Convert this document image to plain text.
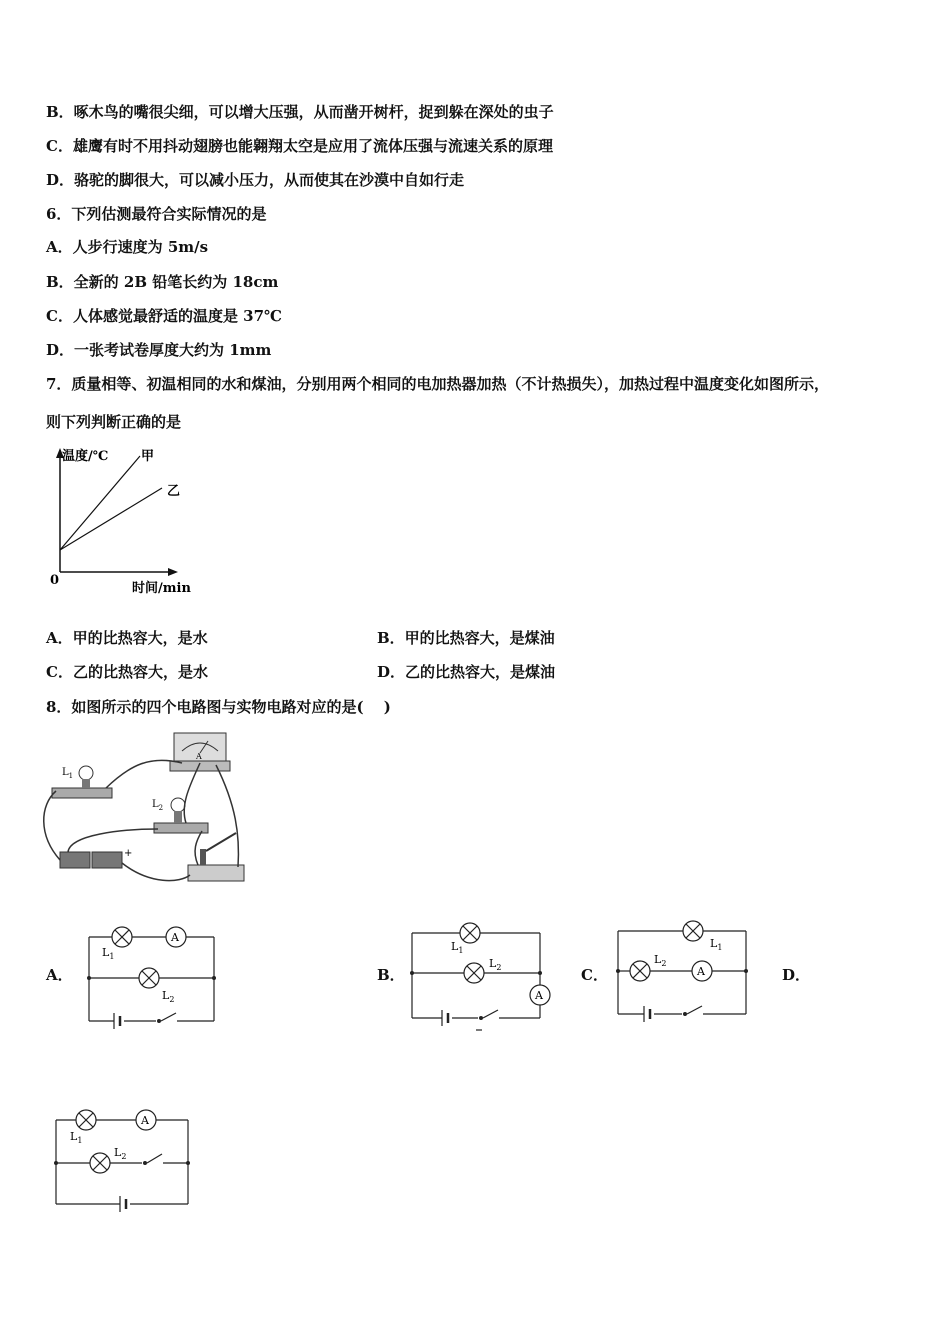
B．啄木鸟的嘴很尖细，可以增大压强，从而凿开树杆，捉到躲在深处的虫子
C．雄鹰有时不用抖动翅膀也能翱翔太空是应用了流体压强与流速关系的原理
D．骆驼的脚很大，可以减小压力，从而使其在沙漠中自如行走
6．下列估测最符合实际情况的是
A．人步行速度为 5m/s
B．全新的 2B 铅笔长约为 18cm
C．人体感觉最舒适的温度是 37℃
D．一张考试卷厚度大约为 1mm
7．质量相等、初温相同的水和煤油，分别用两个相同的电加热器加热（不计热损失），加热过程中温度变化如图所示，
则下列判断正确的是
温度/℃	甲
乙
0
时间/min
A．甲的比热容大，是水	B．甲的比热容大，是煤油
C．乙的比热容大，是水	D．乙的比热容大，是煤油
8．如图所示的四个电路图与实物电路对应的是(　 )
A
$L_1$
$L_2$
+
A．	B．	C．	D．
A
$L_1$
$L_2$	A
$L_1$
$L_2$	A
$L_1$
$L_2$
A
$L_1$
$L_2$
